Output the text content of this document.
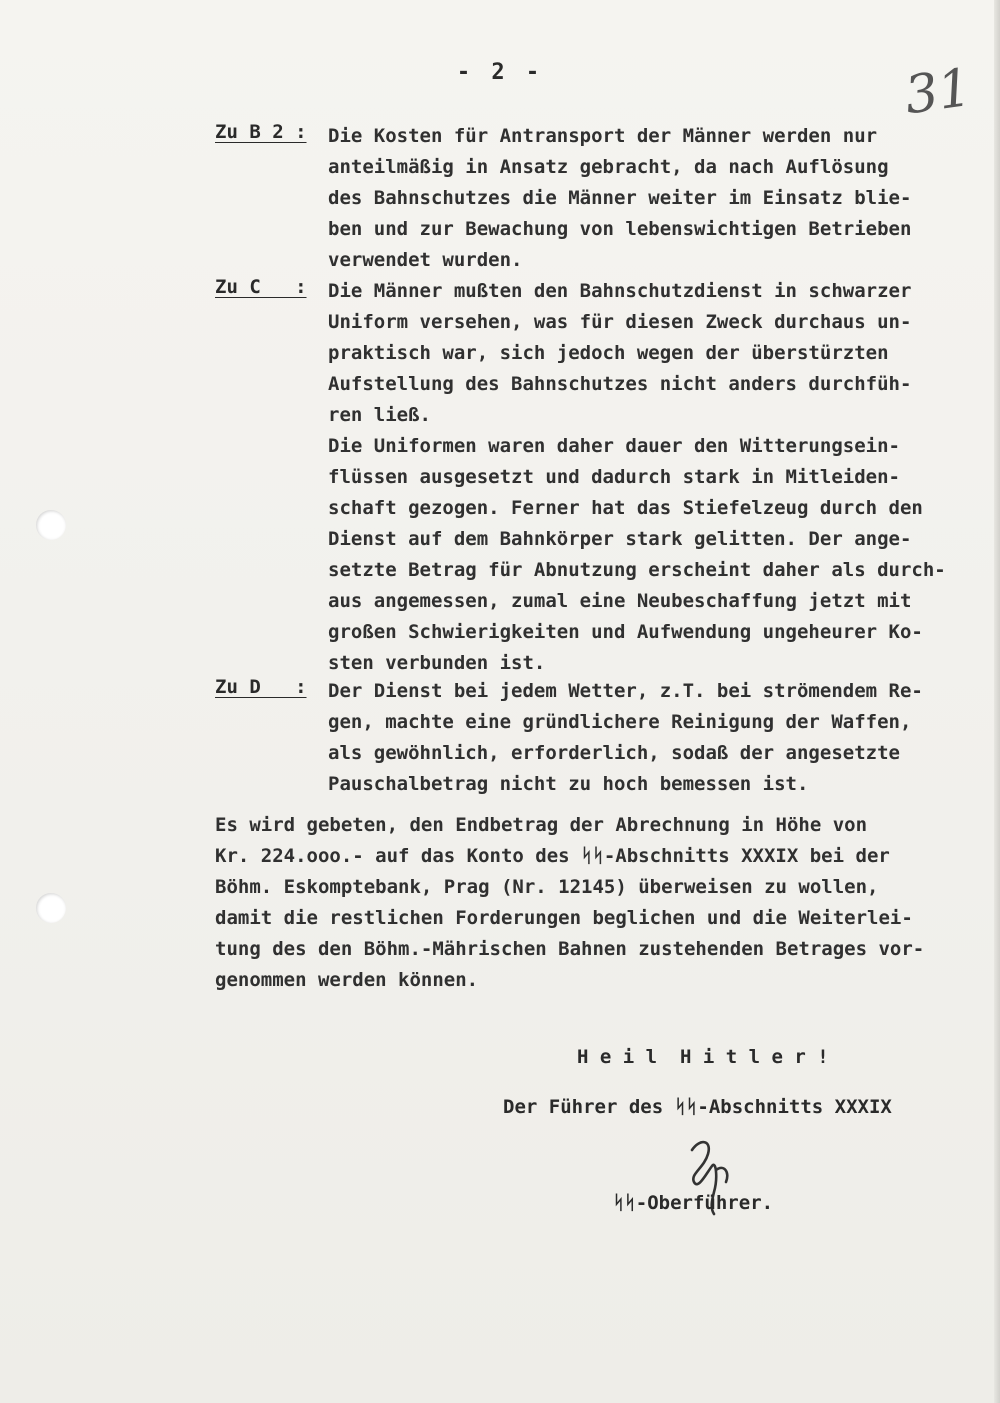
- 2 -	31
Zu B 2 : Die Kosten für Antransport der Männer werden nur
anteilmäßig in Ansatz gebracht, da nach Auflösung
des Bahnschutzes die Männer weiter im Einsatz blie-
ben und zur Bewachung von lebenswichtigen Betrieben
verwendet wurden.
Zu C   : Die Männer mußten den Bahnschutzdienst in schwarzer
Uniform versehen, was für diesen Zweck durchaus un-
praktisch war, sich jedoch wegen der überstürzten
Aufstellung des Bahnschutzes nicht anders durchfüh-
ren ließ.
Die Uniformen waren daher dauer den Witterungsein-
flüssen ausgesetzt und dadurch stark in Mitleiden-
schaft gezogen. Ferner hat das Stiefelzeug durch den
Dienst auf dem Bahnkörper stark gelitten. Der ange-
setzte Betrag für Abnutzung erscheint daher als durch-
aus angemessen, zumal eine Neubeschaffung jetzt mit
großen Schwierigkeiten und Aufwendung ungeheurer Ko-
sten verbunden ist.
Zu D   : Der Dienst bei jedem Wetter, z.T. bei strömendem Re-
gen, machte eine gründlichere Reinigung der Waffen,
als gewöhnlich, erforderlich, sodaß der angesetzte
Pauschalbetrag nicht zu hoch bemessen ist.
Es wird gebeten, den Endbetrag der Abrechnung in Höhe von
Kr. 224.ooo.- auf das Konto des ᛋᛋ-Abschnitts XXXIX bei der
Böhm. Eskomptebank, Prag (Nr. 12145) überweisen zu wollen,
damit die restlichen Forderungen beglichen und die Weiterlei-
tung des den Böhm.-Mährischen Bahnen zustehenden Betrages vor-
genommen werden können.
H e i l  H i t l e r !
Der Führer des ᛋᛋ-Abschnitts XXXIX
ᛋᛋ-Oberführer.
